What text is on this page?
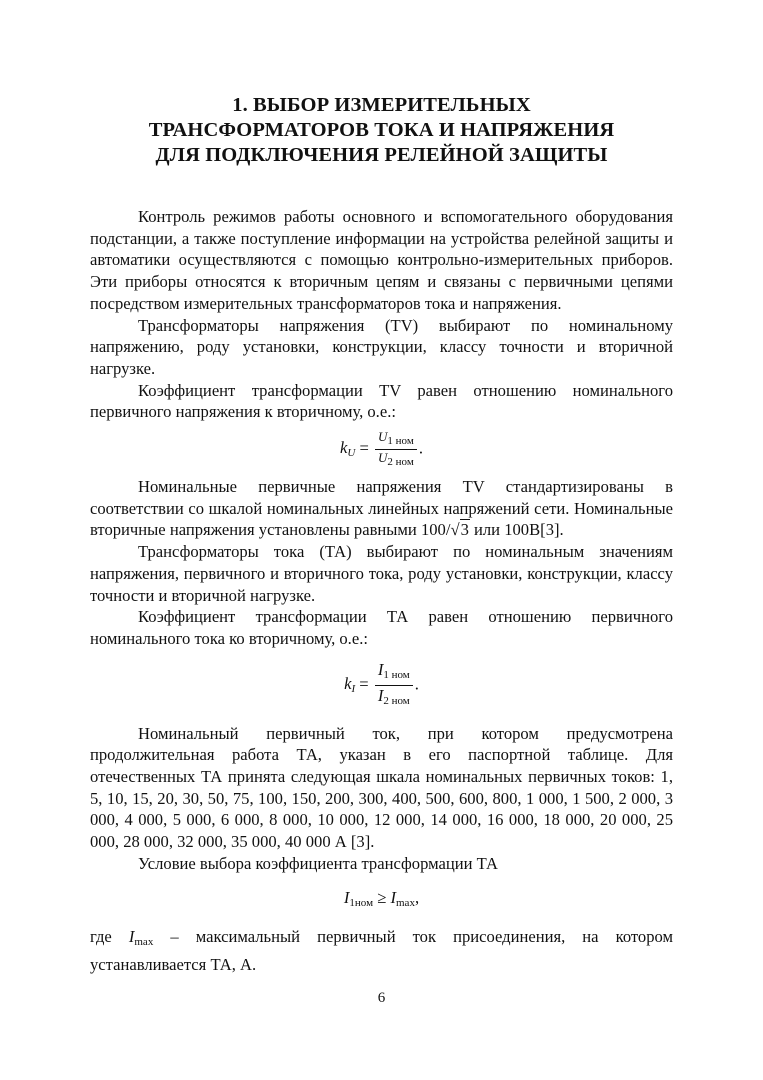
1. ВЫБОР ИЗМЕРИТЕЛЬНЫХ
ТРАНСФОРМАТОРОВ ТОКА И НАПРЯЖЕНИЯ
ДЛЯ ПОДКЛЮЧЕНИЯ РЕЛЕЙНОЙ ЗАЩИТЫ

Контроль режимов работы основного и вспомогательного оборудования подстанции, а также поступление информации на устройства релейной защиты и автоматики осуществляются с помощью контрольно-измерительных приборов. Эти приборы относятся к вторичным цепям и связаны с первичными цепями посредством измерительных трансформаторов тока и напряжения.

Трансформаторы напряжения (TV) выбирают по номинальному напряжению, роду установки, конструкции, классу точности и вторичной нагрузке.

Коэффициент трансформации TV равен отношению номинального первичного напряжения к вторичному, о.е.:

$k_U = \frac{U_{1 ном}}{U_{2 ном}}$ .

Номинальные первичные напряжения TV стандартизированы в соответствии со шкалой номинальных линейных напряжений сети. Номинальные вторичные напряжения установлены равными 100/√3 или 100В[3].

Трансформаторы тока (ТА) выбирают по номинальным значениям напряжения, первичного и вторичного тока, роду установки, конструкции, классу точности и вторичной нагрузке.

Коэффициент трансформации ТА равен отношению первичного номинального тока ко вторичному, о.е.:

$k_I = \frac{I_{1 ном}}{I_{2 ном}}$ .

Номинальный первичный ток, при котором предусмотрена продолжительная работа ТА, указан в его паспортной таблице. Для отечественных ТА принята следующая шкала номинальных первичных токов: 1, 5, 10, 15, 20, 30, 50, 75, 100, 150, 200, 300, 400, 500, 600, 800, 1 000, 1 500, 2 000, 3 000, 4 000, 5 000, 6 000, 8 000, 10 000, 12 000, 14 000, 16 000, 18 000, 20 000, 25 000, 28 000, 32 000, 35 000, 40 000 А [3].

Условие выбора коэффициента трансформации ТА

$I_{1ном} \ge I_{max}$,

где $I_{max}$ – максимальный первичный ток присоединения, на котором устанавливается ТА, А.

6
